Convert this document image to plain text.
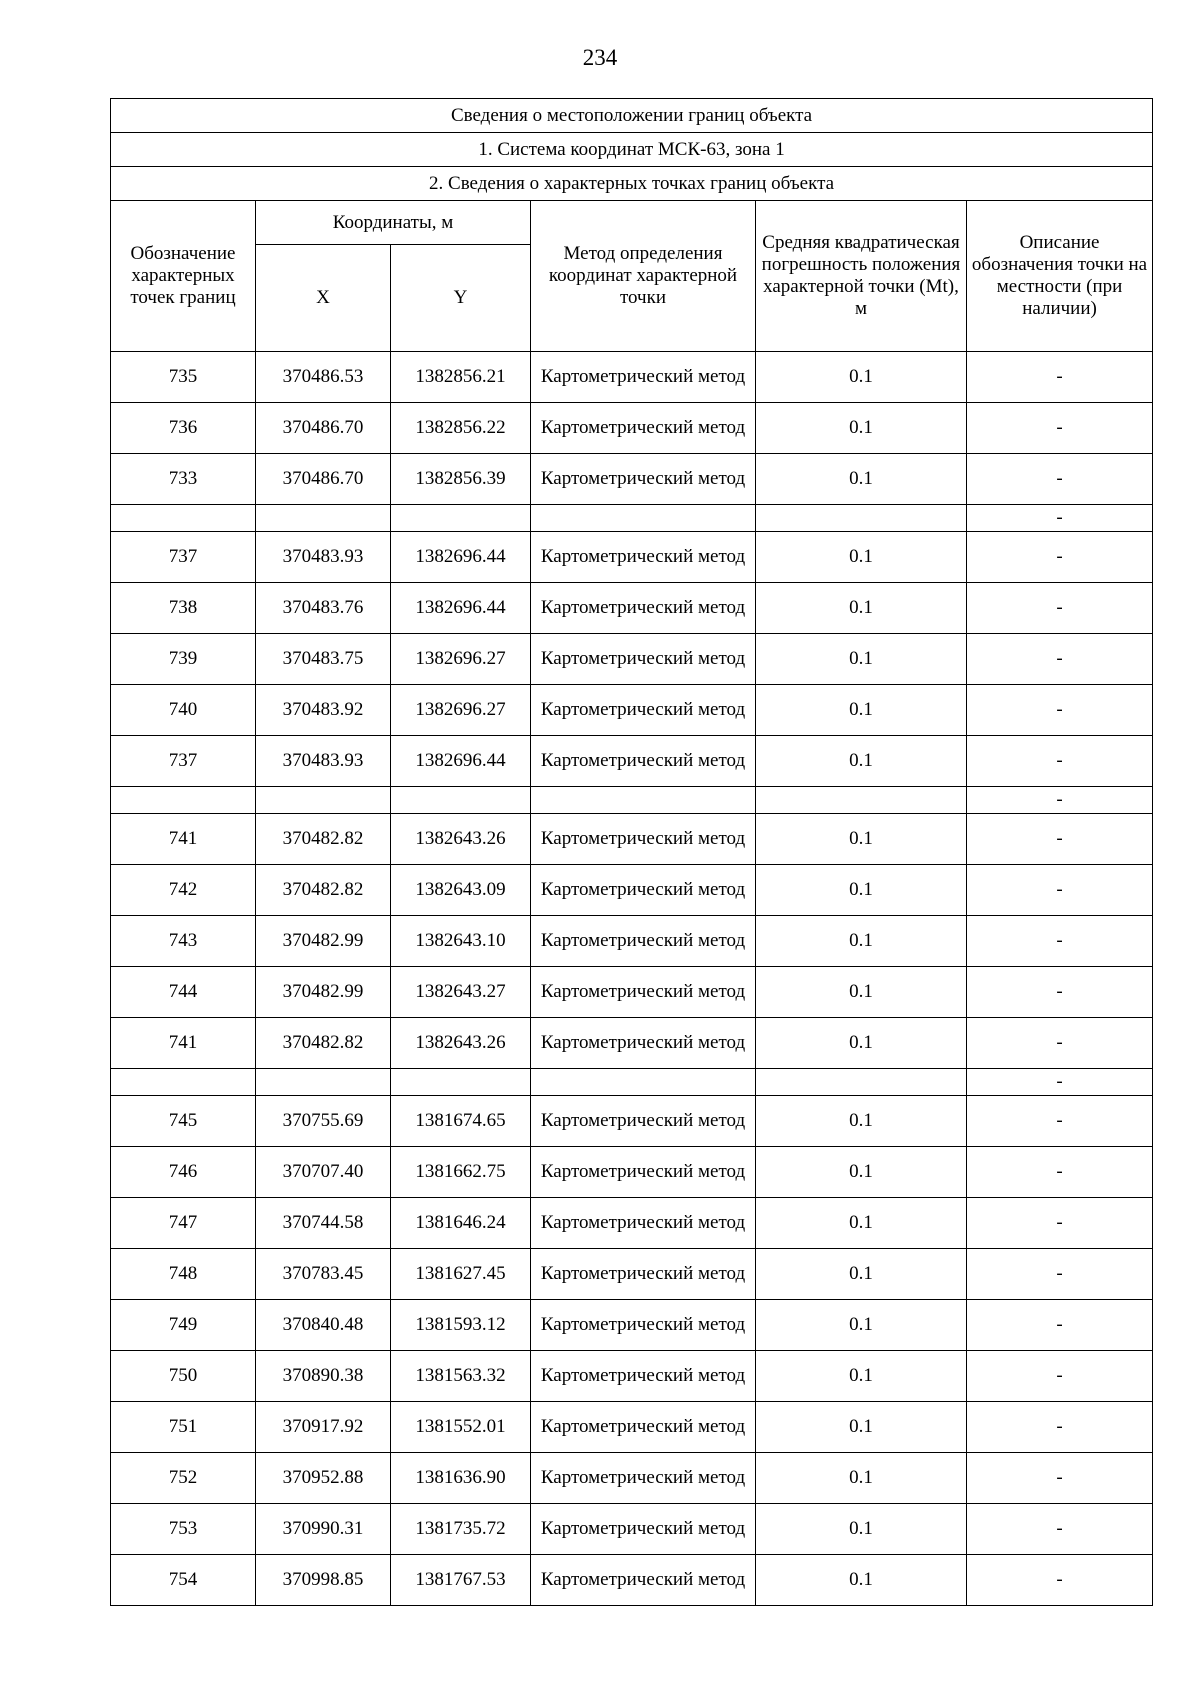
234
Сведения о местоположении границ объекта					
1. Система координат МСК-63, зона 1					
2. Сведения о характерных точках границ объекта					
Обозначение характерных точек границ	Координаты, м		Метод определения координат характерной точки	Средняя квадратическая погрешность положения характерной точки (Mt), м	Описание обозначения точки на местности (при наличии)
	X	Y			
735	370486.53	1382856.21	Картометрический метод	0.1	-
736	370486.70	1382856.22	Картометрический метод	0.1	-
733	370486.70	1382856.39	Картометрический метод	0.1	-
					-
737	370483.93	1382696.44	Картометрический метод	0.1	-
738	370483.76	1382696.44	Картометрический метод	0.1	-
739	370483.75	1382696.27	Картометрический метод	0.1	-
740	370483.92	1382696.27	Картометрический метод	0.1	-
737	370483.93	1382696.44	Картометрический метод	0.1	-
					-
741	370482.82	1382643.26	Картометрический метод	0.1	-
742	370482.82	1382643.09	Картометрический метод	0.1	-
743	370482.99	1382643.10	Картометрический метод	0.1	-
744	370482.99	1382643.27	Картометрический метод	0.1	-
741	370482.82	1382643.26	Картометрический метод	0.1	-
					-
745	370755.69	1381674.65	Картометрический метод	0.1	-
746	370707.40	1381662.75	Картометрический метод	0.1	-
747	370744.58	1381646.24	Картометрический метод	0.1	-
748	370783.45	1381627.45	Картометрический метод	0.1	-
749	370840.48	1381593.12	Картометрический метод	0.1	-
750	370890.38	1381563.32	Картометрический метод	0.1	-
751	370917.92	1381552.01	Картометрический метод	0.1	-
752	370952.88	1381636.90	Картометрический метод	0.1	-
753	370990.31	1381735.72	Картометрический метод	0.1	-
754	370998.85	1381767.53	Картометрический метод	0.1	-
